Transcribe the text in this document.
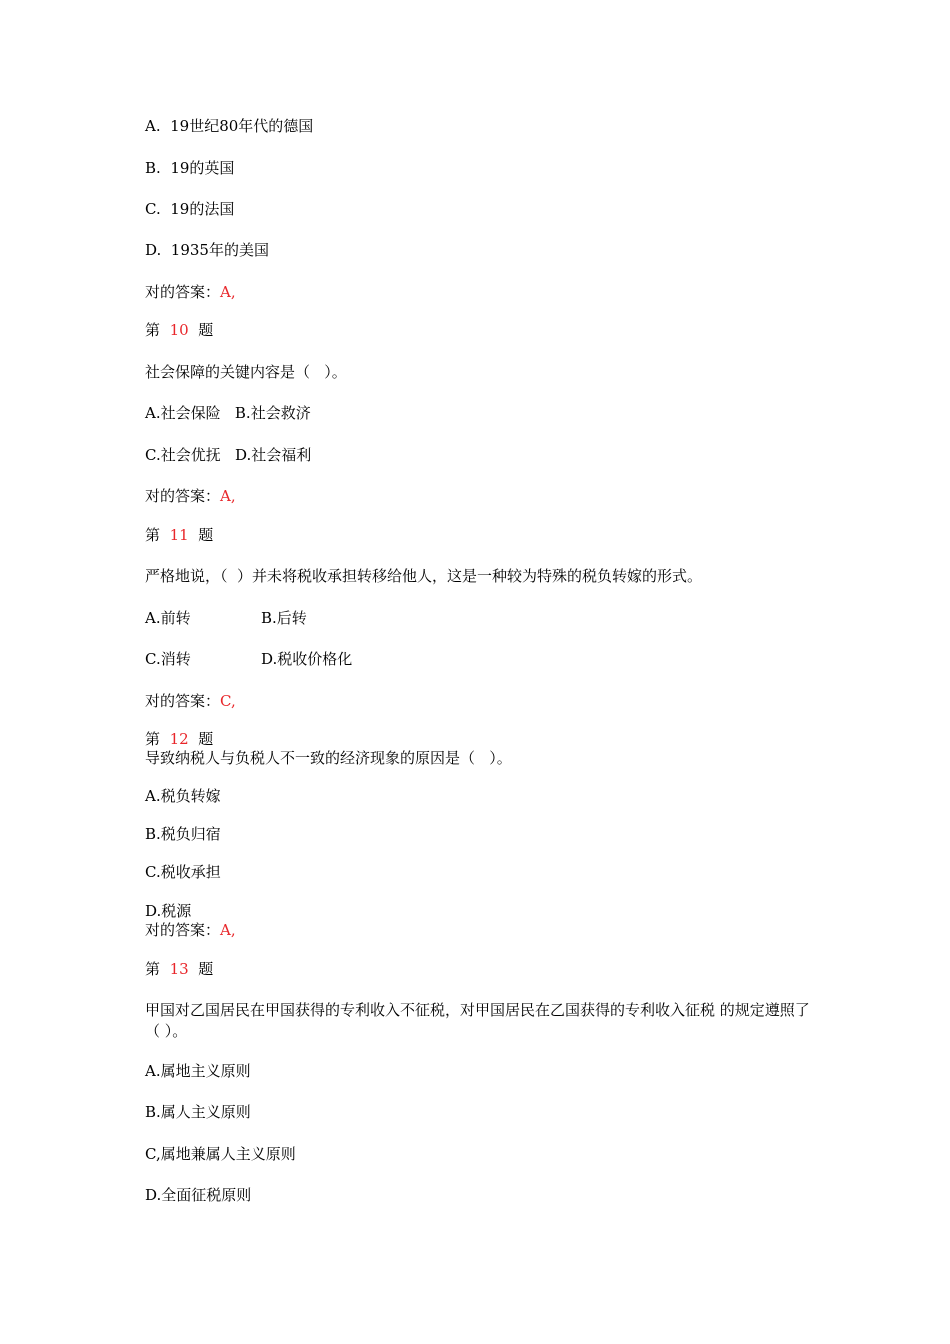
A.  19世纪80年代的德国

B.  19的英国

C.  19的法国

D.  1935年的美国

对的答案：A,

第 10 题

社会保障的关键内容是（   ）。

A.社会保险   B.社会救济

C.社会优抚   D.社会福利

对的答案：A,

第 11 题

严格地说，（  ）并未将税收承担转移给他人，这是一种较为特殊的税负转嫁的形式。

A.前转	B.后转

C.消转	D.税收价格化

对的答案：C,

第 12 题

导致纳税人与负税人不一致的经济现象的原因是（   ）。

A.税负转嫁

B.税负归宿

C.税收承担

D.税源

对的答案：A,

第 13 题

甲国对乙国居民在甲国获得的专利收入不征税，对甲国居民在乙国获得的专利收入征税 的规定遵照了（ ）。

A.属地主义原则

B.属人主义原则

C,属地兼属人主义原则

D.全面征税原则
